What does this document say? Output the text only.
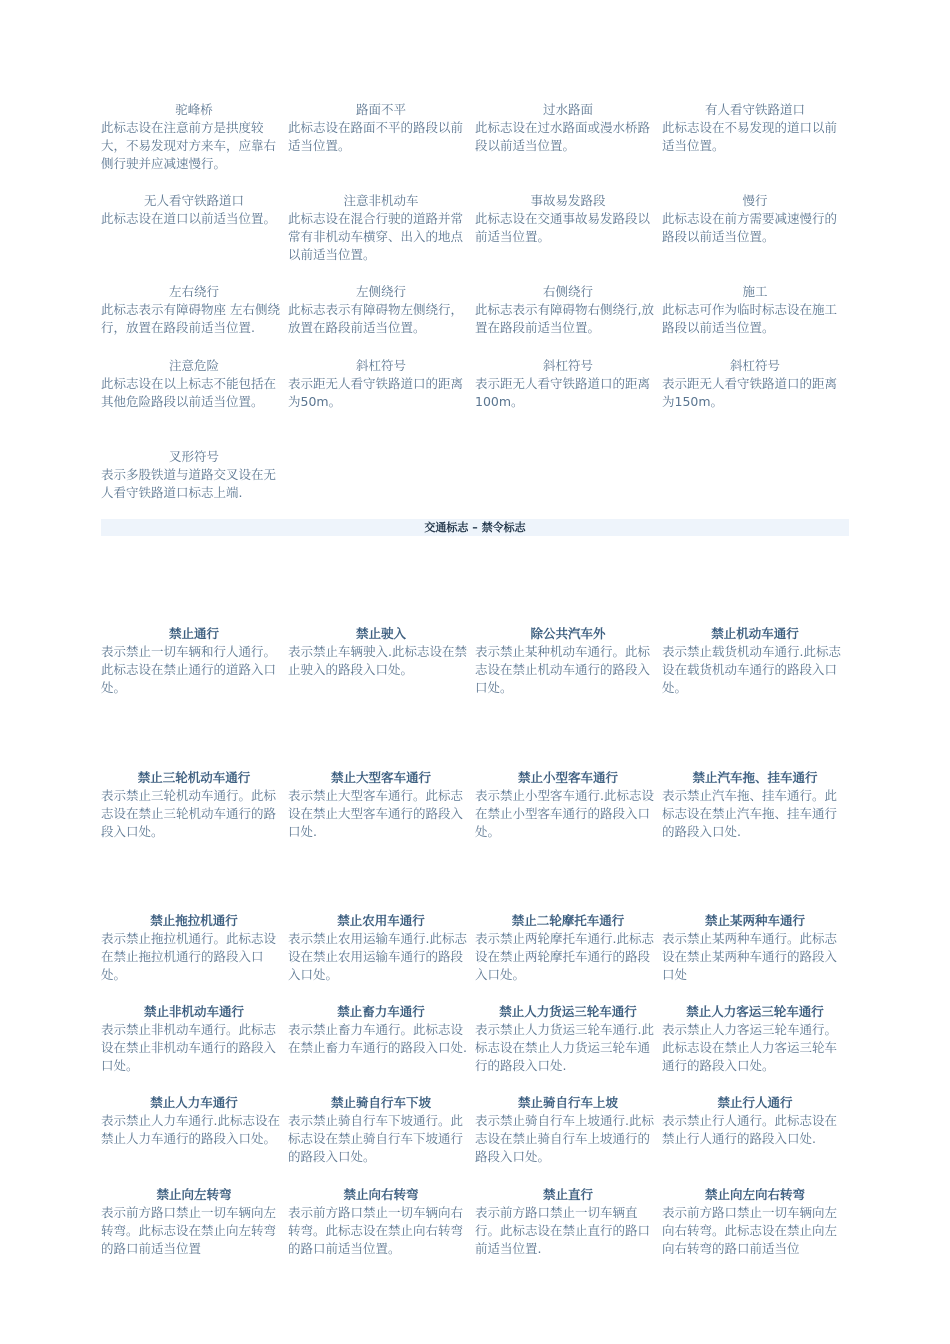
驼峰桥
此标志设在注意前方是拱度较大，不易发现对方来车，应靠右侧行驶并应减速慢行。
路面不平
此标志设在路面不平的路段以前适当位置。
过水路面
此标志设在过水路面或漫水桥路段以前适当位置。
有人看守铁路道口
此标志设在不易发现的道口以前适当位置。
无人看守铁路道口
此标志设在道口以前适当位置。
注意非机动车
此标志设在混合行驶的道路并常常有非机动车横穿、出入的地点以前适当位置。
事故易发路段
此标志设在交通事故易发路段以前适当位置。
慢行
此标志设在前方需要减速慢行的路段以前适当位置。
左右绕行
此标志表示有障碍物座 左右侧绕行，放置在路段前适当位置.
左侧绕行
此标志表示有障碍物左侧绕行，放置在路段前适当位置。
右侧绕行
此标志表示有障碍物右侧绕行,放置在路段前适当位置。
施工
此标志可作为临时标志设在施工路段以前适当位置。
注意危险
此标志设在以上标志不能包括在其他危险路段以前适当位置。
斜杠符号
表示距无人看守铁路道口的距离为50m。
斜杠符号
表示距无人看守铁路道口的距离 100m。
斜杠符号
表示距无人看守铁路道口的距离为150m。
叉形符号
表示多股铁道与道路交叉设在无人看守铁路道口标志上端.
交通标志 – 禁令标志
禁止通行
表示禁止一切车辆和行人通行。此标志设在禁止通行的道路入口处。
禁止驶入
表示禁止车辆驶入.此标志设在禁止驶入的路段入口处。
除公共汽车外
表示禁止某种机动车通行。此标志设在禁止机动车通行的路段入口处。
禁止机动车通行
表示禁止载货机动车通行.此标志设在载货机动车通行的路段入口处。
禁止三轮机动车通行
表示禁止三轮机动车通行。此标志设在禁止三轮机动车通行的路段入口处。
禁止大型客车通行
表示禁止大型客车通行。此标志设在禁止大型客车通行的路段入口处.
禁止小型客车通行
表示禁止小型客车通行.此标志设在禁止小型客车通行的路段入口处。
禁止汽车拖、挂车通行
表示禁止汽车拖、挂车通行。此标志设在禁止汽车拖、挂车通行的路段入口处.
禁止拖拉机通行
表示禁止拖拉机通行。此标志设在禁止拖拉机通行的路段入口处。
禁止农用车通行
表示禁止农用运输车通行.此标志设在禁止农用运输车通行的路段入口处。
禁止二轮摩托车通行
表示禁止两轮摩托车通行.此标志设在禁止两轮摩托车通行的路段入口处。
禁止某两种车通行
表示禁止某两种车通行。此标志设在禁止某两种车通行的路段入口处
禁止非机动车通行
表示禁止非机动车通行。此标志设在禁止非机动车通行的路段入口处。
禁止畜力车通行
表示禁止畜力车通行。此标志设在禁止畜力车通行的路段入口处.
禁止人力货运三轮车通行
表示禁止人力货运三轮车通行.此标志设在禁止人力货运三轮车通行的路段入口处.
禁止人力客运三轮车通行
表示禁止人力客运三轮车通行。此标志设在禁止人力客运三轮车通行的路段入口处。
禁止人力车通行
表示禁止人力车通行.此标志设在禁止人力车通行的路段入口处。
禁止骑自行车下坡
表示禁止骑自行车下坡通行。此标志设在禁止骑自行车下坡通行的路段入口处。
禁止骑自行车上坡
表示禁止骑自行车上坡通行.此标志设在禁止骑自行车上坡通行的路段入口处。
禁止行人通行
表示禁止行人通行。此标志设在禁止行人通行的路段入口处.
禁止向左转弯
表示前方路口禁止一切车辆向左转弯。此标志设在禁止向左转弯的路口前适当位置
禁止向右转弯
表示前方路口禁止一切车辆向右转弯。此标志设在禁止向右转弯的路口前适当位置。
禁止直行
表示前方路口禁止一切车辆直行。此标志设在禁止直行的路口前适当位置.
禁止向左向右转弯
表示前方路口禁止一切车辆向左向右转弯。此标志设在禁止向左向右转弯的路口前适当位
